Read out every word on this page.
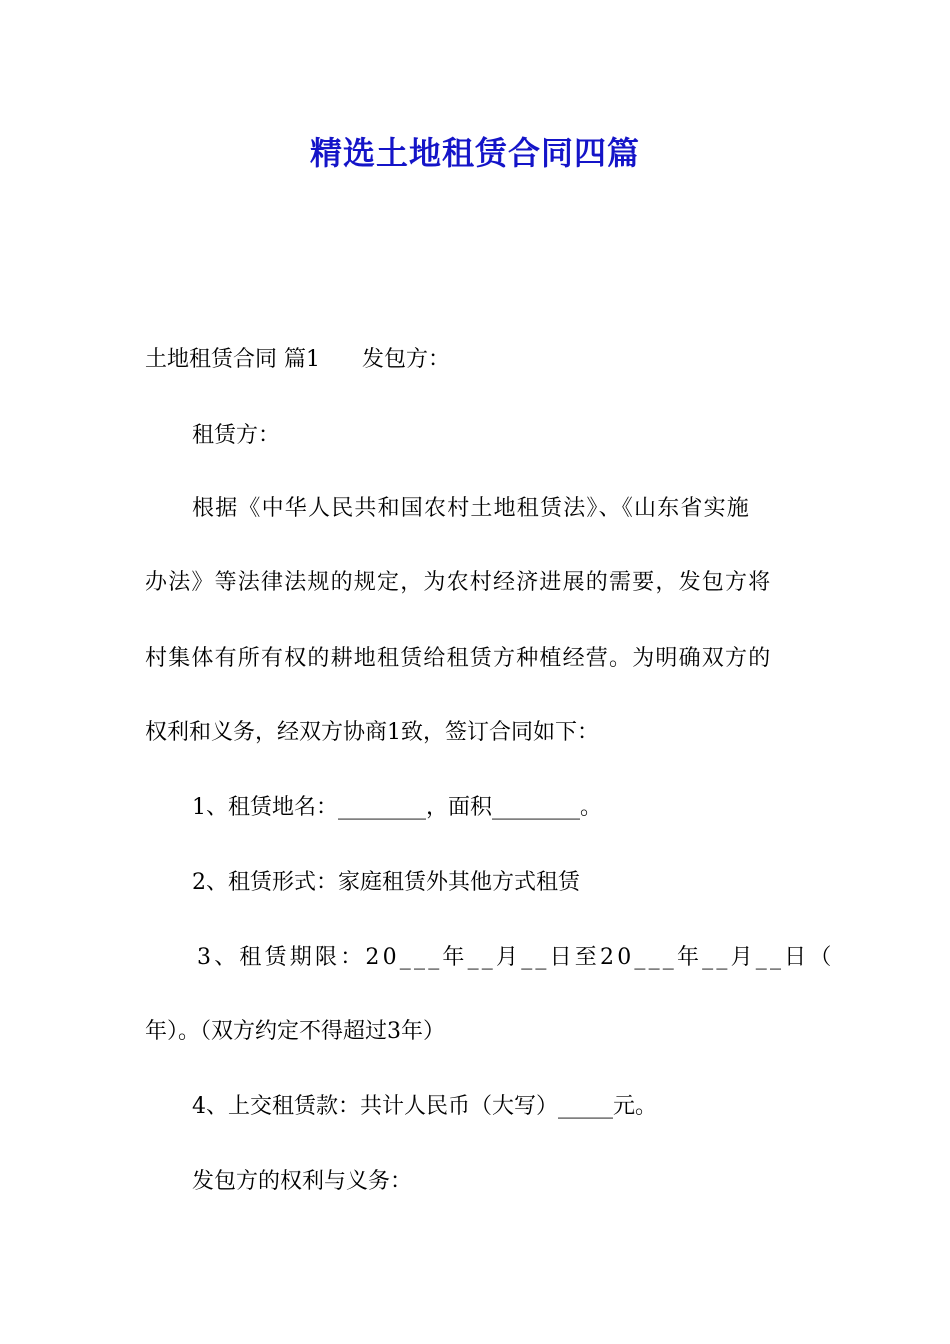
精选土地租赁合同四篇
土地租赁合同 篇1 发包方：
租赁方：
根据《中华人民共和国农村土地租赁法》、《山东省实施
办法》等法律法规的规定，为农村经济进展的需要，发包方将
村集体有所有权的耕地租赁给租赁方种植经营。为明确双方的
权利和义务，经双方协商1致，签订合同如下：
1、租赁地名：________，面积________。
2、租赁形式：家庭租赁外其他方式租赁
3、租赁期限：20___年__月__日至20___年__月__日（
年）。（双方约定不得超过3年）
4、上交租赁款：共计人民币（大写）_____元。
发包方的权利与义务：
